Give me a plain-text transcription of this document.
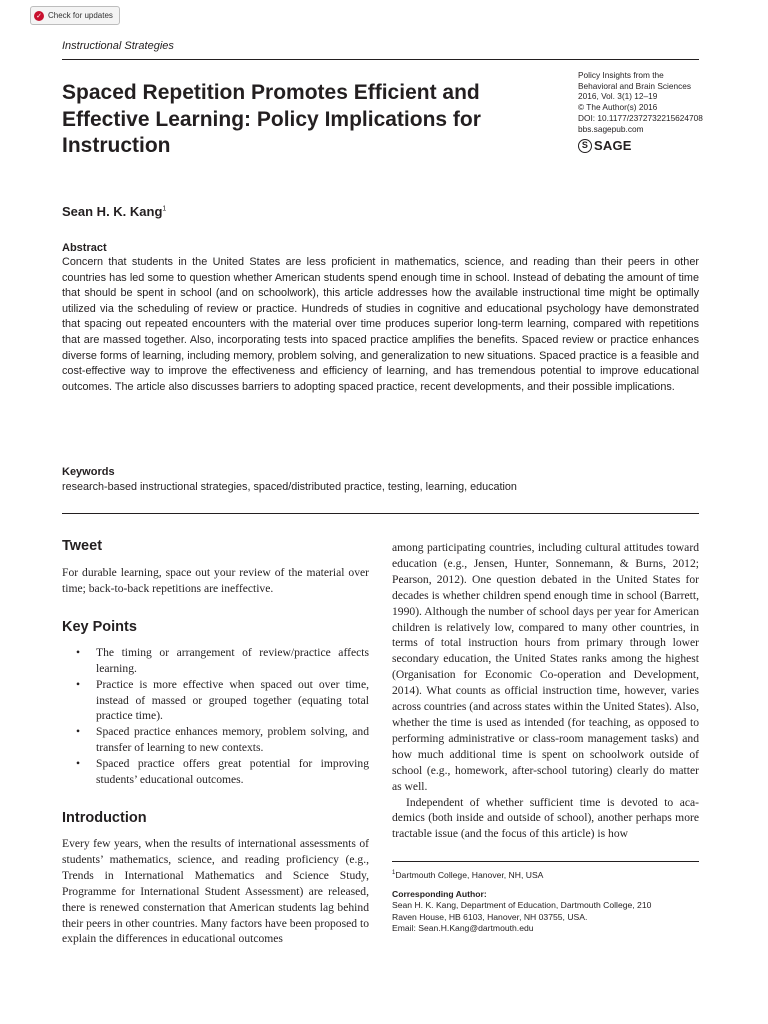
✓ Check for updates
Instructional Strategies
Policy Insights from the
Behavioral and Brain Sciences
2016, Vol. 3(1) 12–19
© The Author(s) 2016
DOI: 10.1177/2372732215624708
bbs.sagepub.com
S SAGE
Spaced Repetition Promotes Efficient and Effective Learning: Policy Implications for Instruction
Sean H. K. Kang$^1$
Abstract

Concern that students in the United States are less proficient in mathematics, science, and reading than their peers in other countries has led some to question whether American students spend enough time in school. Instead of debating the amount of time that should be spent in school (and on schoolwork), this article addresses how the available instructional time might be optimally utilized via the scheduling of review or practice. Hundreds of studies in cognitive and educational psychology have demonstrated that spacing out repeated encounters with the material over time produces superior long-term learning, compared with repetitions that are massed together. Also, incorporating tests into spaced practice amplifies the benefits. Spaced review or practice enhances diverse forms of learning, including memory, problem solving, and generalization to new situations. Spaced practice is a feasible and cost-effective way to improve the effectiveness and efficiency of learning, and has tremendous potential to improve educational outcomes. The article also discusses barriers to adopting spaced practice, recent developments, and their possible implications.

Keywords
research-based instructional strategies, spaced/distributed practice, testing, learning, education
Tweet

For durable learning, space out your review of the material over time; back-to-back repetitions are ineffective.

Key Points
• The timing or arrangement of review/practice affects learning.
• Practice is more effective when spaced out over time, instead of massed or grouped together (equating total practice time).
• Spaced practice enhances memory, problem solving, and transfer of learning to new contexts.
• Spaced practice offers great potential for improving students’ educational outcomes.
Introduction

Every few years, when the results of international assessments of students’ mathematics, science, and reading proficiency (e.g., Trends in International Mathematics and Science Study, Programme for International Student Assessment) are released, there is renewed consternation that American students lag behind their peers in other countries. Many factors have been proposed to explain the differences in educational outcomes

among participating countries, including cultural attitudes toward education (e.g., Jensen, Hunter, Sonnemann, & Burns, 2012; Pearson, 2012). One question debated in the United States for decades is whether children spend enough time in school (Barrett, 1990). Although the number of school days per year for American children is relatively low, compared to many other countries, in terms of total instruction hours from primary through lower secondary education, the United States ranks among the highest (Organisation for Economic Co-operation and Development, 2014). What counts as official instruction time, however, varies across countries (and across states within the United States). Also, whether the time is used as intended (for teaching, as opposed to performing administrative or class-room management tasks) and how much additional time is spent on schoolwork outside of school (e.g., homework, after-school tutoring) clearly do matter as well.

Independent of whether sufficient time is devoted to aca-demics (both inside and outside of school), another perhaps more tractable issue (and the focus of this article) is how

$^1$Dartmouth College, Hanover, NH, USA
Corresponding Author:
Sean H. K. Kang, Department of Education, Dartmouth College, 210
Raven House, HB 6103, Hanover, NH 03755, USA.
Email: Sean.H.Kang@dartmouth.edu
